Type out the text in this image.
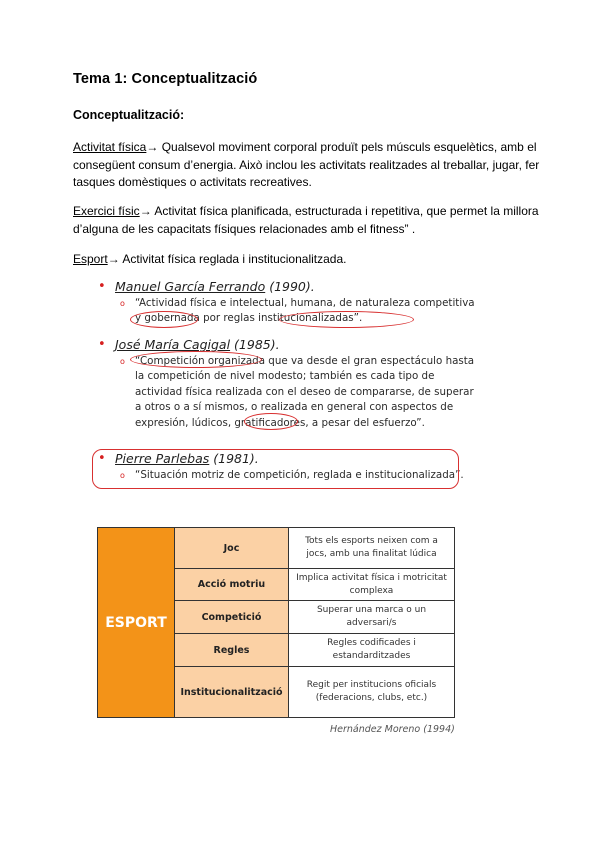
Tema 1: Conceptualització
Conceptualització:
Activitat física→ Qualsevol moviment corporal produït pels músculs esquelètics, amb el consegüent consum d’energia. Això inclou les activitats realitzades al treballar, jugar, fer tasques domèstiques o activitats recreatives.
Exercici físic→ Activitat física planificada, estructurada i repetitiva, que permet la millora d’alguna de les capacitats físiques relacionades amb el fitness” .
Esport→ Activitat física reglada i institucionalitzada.
• Manuel García Ferrando (1990).
o “Actividad física e intelectual, humana, de naturaleza competitiva y gobernada por reglas institucionalizadas”.
• José María Cagigal (1985).
o “Competición organizada que va desde el gran espectáculo hasta la competición de nivel modesto; también es cada tipo de actividad física realizada con el deseo de compararse, de superar a otros o a sí mismos, o realizada en general con aspectos de expresión, lúdicos, gratificadores, a pesar del esfuerzo”.
• Pierre Parlebas (1981).
o “Situación motriz de competición, reglada e institucionalizada”.
ESPORT
Joc
Tots els esports neixen com a jocs, amb una finalitat lúdica
Acció motriu
Implica activitat física i motricitat complexa
Competició
Superar una marca o un adversari/s
Regles
Regles codificades i estandarditzades
Institucionalització
Regit per institucions oficials (federacions, clubs, etc.)
Hernández Moreno (1994)
